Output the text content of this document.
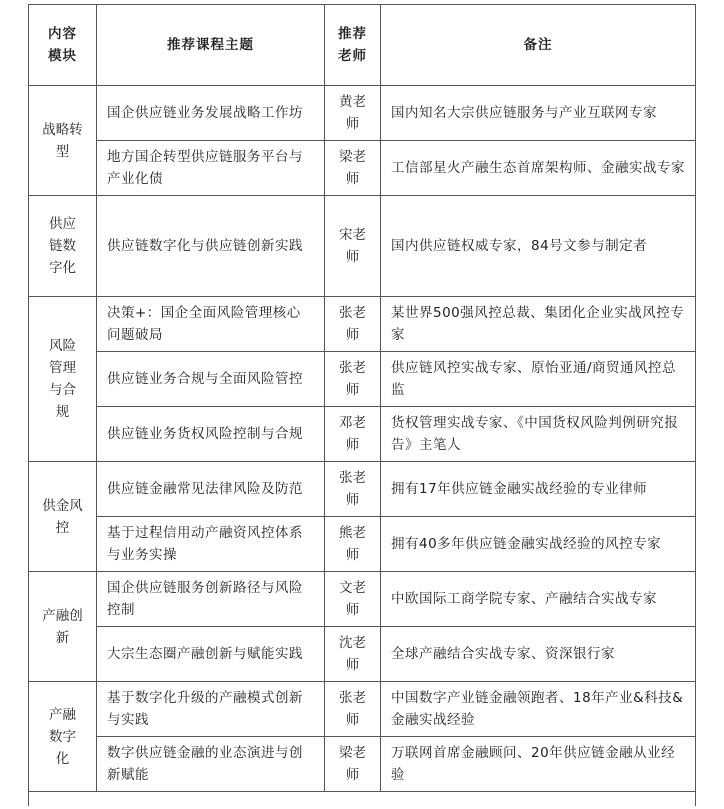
内容模块	推荐课程主题	推荐老师	备注
战略转型	国企供应链业务发展战略工作坊	黄老师	国内知名大宗供应链服务与产业互联网专家
	地方国企转型供应链服务平台与产业化债	梁老师	工信部星火产融生态首席架构师、金融实战专家
供应链数字化	供应链数字化与供应链创新实践	宋老师	国内供应链权威专家，84号文参与制定者
风险管理与合规	决策+：国企全面风险管理核心问题破局	张老师	某世界500强风控总裁、集团化企业实战风控专家
	供应链业务合规与全面风险管控	张老师	供应链风控实战专家、原怡亚通/商贸通风控总监
	供应链业务货权风险控制与合规	邓老师	货权管理实战专家、《中国货权风险判例研究报告》主笔人
供金风控	供应链金融常见法律风险及防范	张老师	拥有17年供应链金融实战经验的专业律师
	基于过程信用动产融资风控体系与业务实操	熊老师	拥有40多年供应链金融实战经验的风控专家
产融创新	国企供应链服务创新路径与风险控制	文老师	中欧国际工商学院专家、产融结合实战专家
	大宗生态圈产融创新与赋能实践	沈老师	全球产融结合实战专家、资深银行家
产融数字化	基于数字化升级的产融模式创新与实践	张老师	中国数字产业链金融领跑者、18年产业&科技&金融实战经验
	数字供应链金融的业态演进与创新赋能	梁老师	万联网首席金融顾问、20年供应链金融从业经验
